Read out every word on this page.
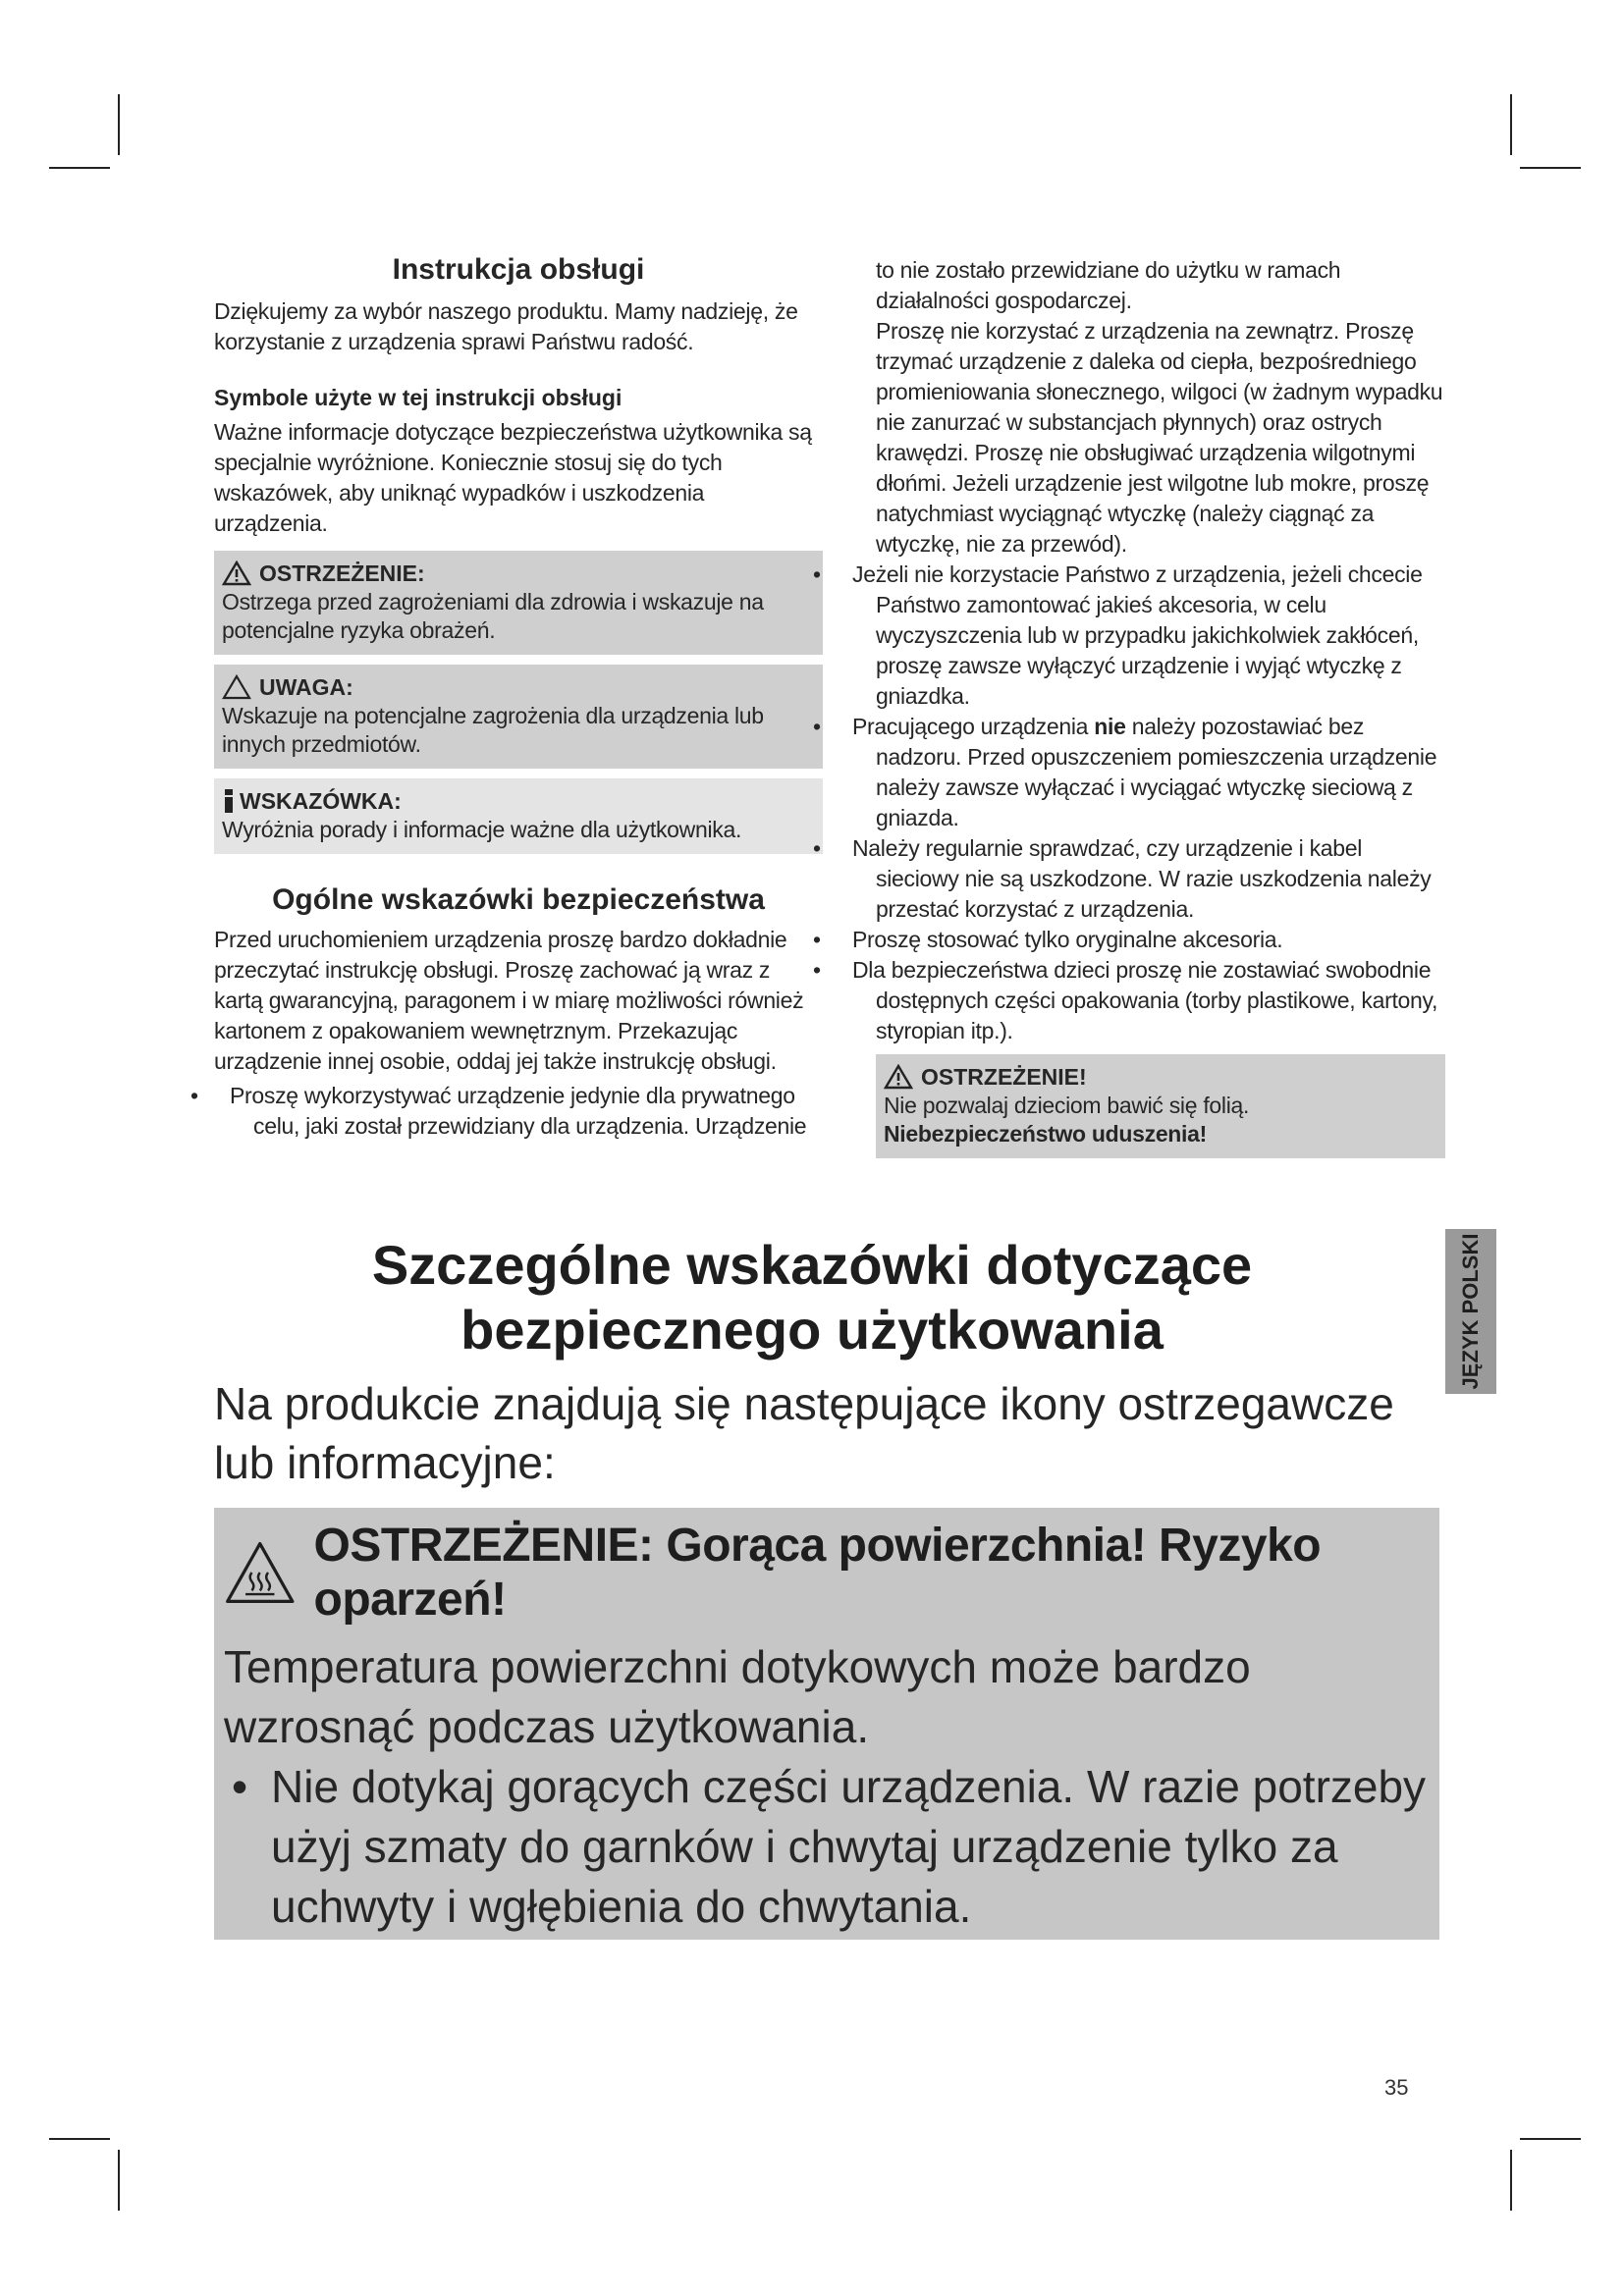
Instrukcja obsługi

Dziękujemy za wybór naszego produktu. Mamy nadzieję, że korzystanie z urządzenia sprawi Państwu radość.

Symbole użyte w tej instrukcji obsługi

Ważne informacje dotyczące bezpieczeństwa użytkownika są specjalnie wyróżnione. Koniecznie stosuj się do tych wskazówek, aby uniknąć wypadków i uszkodzenia urządzenia.

OSTRZEŻENIE:

Ostrzega przed zagrożeniami dla zdrowia i wskazuje na potencjalne ryzyka obrażeń.

UWAGA:

Wskazuje na potencjalne zagrożenia dla urządzenia lub innych przedmiotów.

WSKAZÓWKA:

Wyróżnia porady i informacje ważne dla użytkownika.

Ogólne wskazówki bezpieczeństwa

Przed uruchomieniem urządzenia proszę bardzo dokładnie przeczytać instrukcję obsługi. Proszę zachować ją wraz z kartą gwarancyjną, paragonem i w miarę możliwości również kartonem z opakowaniem wewnętrznym. Przekazując urządzenie innej osobie, oddaj jej także instrukcję obsługi.

• Proszę wykorzystywać urządzenie jedynie dla prywatnego celu, jaki został przewidziany dla urządzenia. Urządzenie

to nie zostało przewidziane do użytku w ramach działalności gospodarczej.

Proszę nie korzystać z urządzenia na zewnątrz. Proszę trzymać urządzenie z daleka od ciepła, bezpośredniego promieniowania słonecznego, wilgoci (w żadnym wypadku nie zanurzać w substancjach płynnych) oraz ostrych krawędzi. Proszę nie obsługiwać urządzenia wilgotnymi dłońmi. Jeżeli urządzenie jest wilgotne lub mokre, proszę natychmiast wyciągnąć wtyczkę (należy ciągnąć za wtyczkę, nie za przewód).

• Jeżeli nie korzystacie Państwo z urządzenia, jeżeli chcecie Państwo zamontować jakieś akcesoria, w celu wyczyszczenia lub w przypadku jakichkolwiek zakłóceń, proszę zawsze wyłączyć urządzenie i wyjąć wtyczkę z gniazdka.
• Pracującego urządzenia nie należy pozostawiać bez nadzoru. Przed opuszczeniem pomieszczenia urządzenie należy zawsze wyłączać i wyciągać wtyczkę sieciową z gniazda.
• Należy regularnie sprawdzać, czy urządzenie i kabel sieciowy nie są uszkodzone. W razie uszkodzenia należy przestać korzystać z urządzenia.
• Proszę stosować tylko oryginalne akcesoria.
• Dla bezpieczeństwa dzieci proszę nie zostawiać swobodnie dostępnych części opakowania (torby plastikowe, kartony, styropian itp.).
OSTRZEŻENIE!

Nie pozwalaj dzieciom bawić się folią. Niebezpieczeństwo uduszenia!

JĘZYK POLSKI
Szczególne wskazówki dotyczące
bezpiecznego użytkowania

Na produkcie znajdują się następujące ikony ostrzegawcze lub informacyjne:

OSTRZEŻENIE: Gorąca powierzchnia! Ryzyko oparzeń!

Temperatura powierzchni dotykowych może bardzo wzrosnąć podczas użytkowania.

• Nie dotykaj gorących części urządzenia. W razie potrzeby użyj szmaty do garnków i chwytaj urządzenie tylko za uchwyty i wgłębienia do chwytania.
35
